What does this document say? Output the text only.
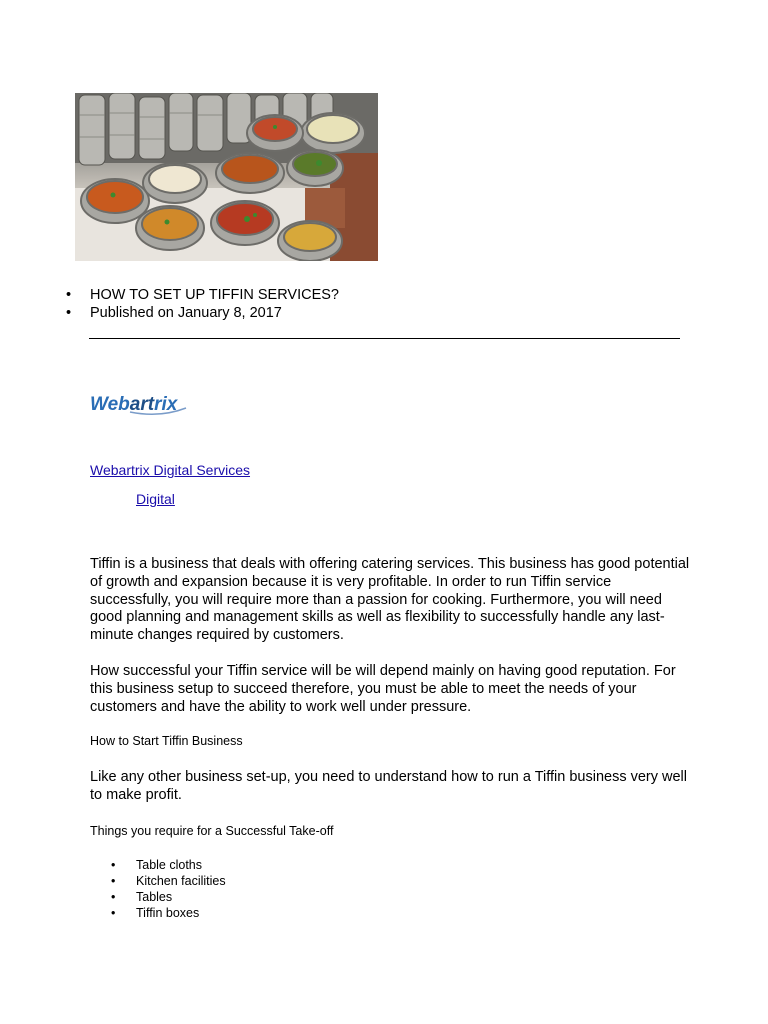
• HOW TO SET UP TIFFIN SERVICES?
• Published on January 8, 2017
Webartrix
Webartrix Digital Services
Digital

Tiffin is a business that deals with offering catering services. This business has good potential of growth and expansion because it is very profitable. In order to run Tiffin service successfully, you will require more than a passion for cooking. Furthermore, you will need good planning and management skills as well as flexibility to successfully handle any last-minute changes required by customers.

How successful your Tiffin service will be will depend mainly on having good reputation. For this business setup to succeed therefore, you must be able to meet the needs of your customers and have the ability to work well under pressure.

How to Start Tiffin Business

Like any other business set-up, you need to understand how to run a Tiffin business very well to make profit.

Things you require for a Successful Take-off

• Table cloths
• Kitchen facilities
• Tables
• Tiffin boxes
